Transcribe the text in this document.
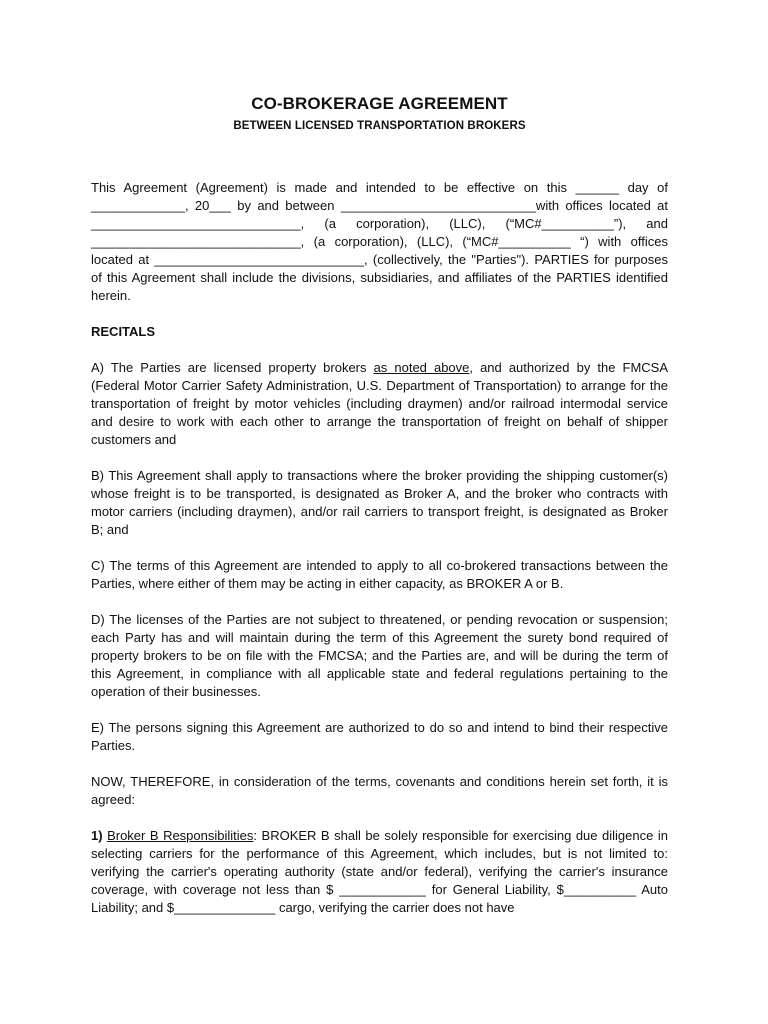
CO-BROKERAGE AGREEMENT
BETWEEN LICENSED TRANSPORTATION BROKERS

This Agreement (Agreement) is made and intended to be effective on this ______ day of _____________, 20___ by and between ___________________________with offices located at _____________________________, (a corporation), (LLC), (“MC#__________”), and _____________________________, (a corporation), (LLC), (“MC#__________ “) with offices located at _____________________________, (collectively, the "Parties"). PARTIES for purposes of this Agreement shall include the divisions, subsidiaries, and affiliates of the PARTIES identified herein.

RECITALS

A) The Parties are licensed property brokers as noted above, and authorized by the FMCSA (Federal Motor Carrier Safety Administration, U.S. Department of Transportation) to arrange for the transportation of freight by motor vehicles (including draymen) and/or railroad intermodal service and desire to work with each other to arrange the transportation of freight on behalf of shipper customers and

B) This Agreement shall apply to transactions where the broker providing the shipping customer(s) whose freight is to be transported, is designated as Broker A, and the broker who contracts with motor carriers (including draymen), and/or rail carriers to transport freight, is designated as Broker B; and

C) The terms of this Agreement are intended to apply to all co-brokered transactions between the Parties, where either of them may be acting in either capacity, as BROKER A or B.

D) The licenses of the Parties are not subject to threatened, or pending revocation or suspension; each Party has and will maintain during the term of this Agreement the surety bond required of property brokers to be on file with the FMCSA; and the Parties are, and will be during the term of this Agreement, in compliance with all applicable state and federal regulations pertaining to the operation of their businesses.

E) The persons signing this Agreement are authorized to do so and intend to bind their respective Parties.

NOW, THEREFORE, in consideration of the terms, covenants and conditions herein set forth, it is agreed:

1) Broker B Responsibilities: BROKER B shall be solely responsible for exercising due diligence in selecting carriers for the performance of this Agreement, which includes, but is not limited to: verifying the carrier's operating authority (state and/or federal), verifying the carrier's insurance coverage, with coverage not less than $ ____________ for General Liability, $__________ Auto Liability; and $______________ cargo, verifying the carrier does not have
